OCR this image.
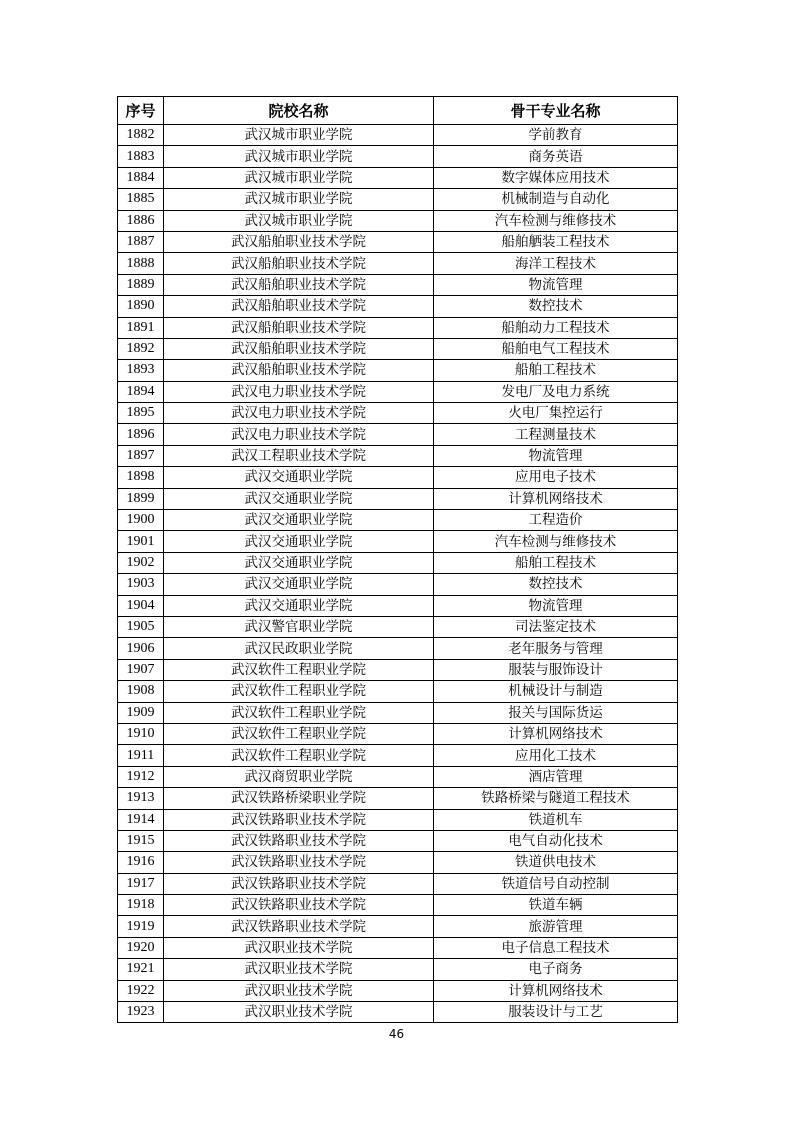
序号	院校名称	骨干专业名称
1882	武汉城市职业学院	学前教育
1883	武汉城市职业学院	商务英语
1884	武汉城市职业学院	数字媒体应用技术
1885	武汉城市职业学院	机械制造与自动化
1886	武汉城市职业学院	汽车检测与维修技术
1887	武汉船舶职业技术学院	船舶舾装工程技术
1888	武汉船舶职业技术学院	海洋工程技术
1889	武汉船舶职业技术学院	物流管理
1890	武汉船舶职业技术学院	数控技术
1891	武汉船舶职业技术学院	船舶动力工程技术
1892	武汉船舶职业技术学院	船舶电气工程技术
1893	武汉船舶职业技术学院	船舶工程技术
1894	武汉电力职业技术学院	发电厂及电力系统
1895	武汉电力职业技术学院	火电厂集控运行
1896	武汉电力职业技术学院	工程测量技术
1897	武汉工程职业技术学院	物流管理
1898	武汉交通职业学院	应用电子技术
1899	武汉交通职业学院	计算机网络技术
1900	武汉交通职业学院	工程造价
1901	武汉交通职业学院	汽车检测与维修技术
1902	武汉交通职业学院	船舶工程技术
1903	武汉交通职业学院	数控技术
1904	武汉交通职业学院	物流管理
1905	武汉警官职业学院	司法鉴定技术
1906	武汉民政职业学院	老年服务与管理
1907	武汉软件工程职业学院	服装与服饰设计
1908	武汉软件工程职业学院	机械设计与制造
1909	武汉软件工程职业学院	报关与国际货运
1910	武汉软件工程职业学院	计算机网络技术
1911	武汉软件工程职业学院	应用化工技术
1912	武汉商贸职业学院	酒店管理
1913	武汉铁路桥梁职业学院	铁路桥梁与隧道工程技术
1914	武汉铁路职业技术学院	铁道机车
1915	武汉铁路职业技术学院	电气自动化技术
1916	武汉铁路职业技术学院	铁道供电技术
1917	武汉铁路职业技术学院	铁道信号自动控制
1918	武汉铁路职业技术学院	铁道车辆
1919	武汉铁路职业技术学院	旅游管理
1920	武汉职业技术学院	电子信息工程技术
1921	武汉职业技术学院	电子商务
1922	武汉职业技术学院	计算机网络技术
1923	武汉职业技术学院	服装设计与工艺
46
